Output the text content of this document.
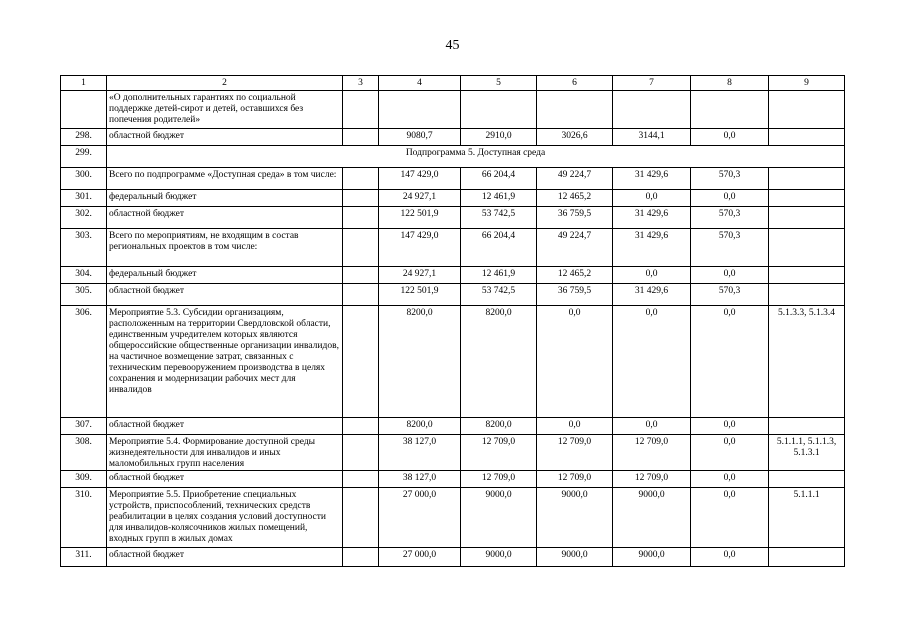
45
1	2	3	4	5	6	7	8	9
	«О дополнительных гарантиях по социальной поддержке детей-сирот и детей, оставшихся без попечения родителей»							
298.	областной бюджет		9080,7	2910,0	3026,6	3144,1	0,0	
299.	Подпрограмма 5. Доступная среда							
300.	Всего по подпрограмме «Доступная среда» в том числе:		147 429,0	66 204,4	49 224,7	31 429,6	570,3	
301.	федеральный бюджет		24 927,1	12 461,9	12 465,2	0,0	0,0	
302.	областной бюджет		122 501,9	53 742,5	36 759,5	31 429,6	570,3	
303.	Всего по мероприятиям, не входящим в состав региональных проектов в том числе:		147 429,0	66 204,4	49 224,7	31 429,6	570,3	
304.	федеральный бюджет		24 927,1	12 461,9	12 465,2	0,0	0,0	
305.	областной бюджет		122 501,9	53 742,5	36 759,5	31 429,6	570,3	
306.	Мероприятие 5.3. Субсидии организациям, расположенным на территории Свердловской области, единственным учредителем которых являются общероссийские общественные организации инвалидов, на частичное возмещение затрат, связанных с техническим перевооружением производства в целях сохранения и модернизации рабочих мест для инвалидов		8200,0	8200,0	0,0	0,0	0,0	5.1.3.3, 5.1.3.4
307.	областной бюджет		8200,0	8200,0	0,0	0,0	0,0	
308.	Мероприятие 5.4. Формирование доступной среды жизнедеятельности для инвалидов и иных маломобильных групп населения		38 127,0	12 709,0	12 709,0	12 709,0	0,0	5.1.1.1, 5.1.1.3, 5.1.3.1
309.	областной бюджет		38 127,0	12 709,0	12 709,0	12 709,0	0,0	
310.	Мероприятие 5.5. Приобретение специальных устройств, приспособлений, технических средств реабилитации в целях создания условий доступности для инвалидов-колясочников жилых помещений, входных групп в жилых домах		27 000,0	9000,0	9000,0	9000,0	0,0	5.1.1.1
311.	областной бюджет		27 000,0	9000,0	9000,0	9000,0	0,0	
